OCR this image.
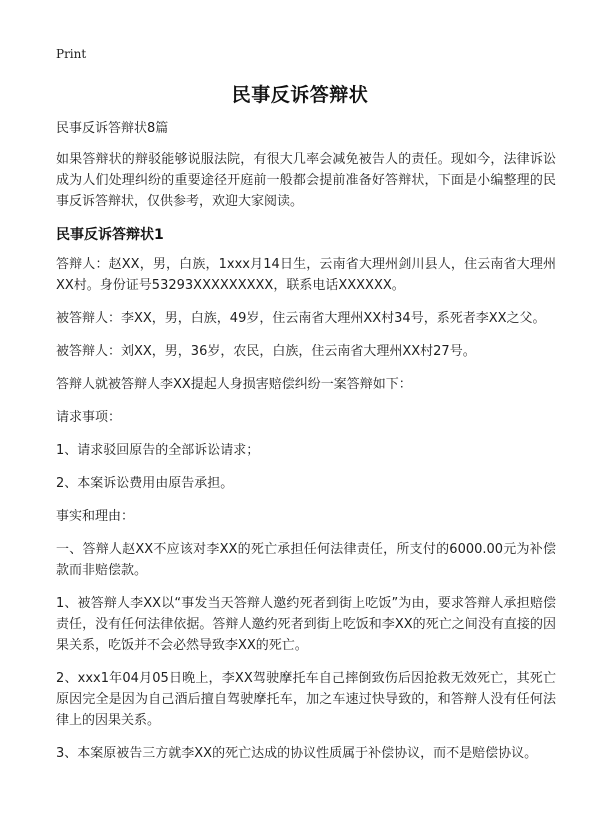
Print
民事反诉答辩状
民事反诉答辩状8篇
如果答辩状的辩驳能够说服法院，有很大几率会减免被告人的责任。现如今，法律诉讼成为人们处理纠纷的重要途径开庭前一般都会提前准备好答辩状，下面是小编整理的民事反诉答辩状，仅供参考，欢迎大家阅读。
民事反诉答辩状1
答辩人：赵XX，男，白族，1xxx月14日生，云南省大理州剑川县人，住云南省大理州XX村。身份证号53293XXXXXXXXX，联系电话XXXXXX。
被答辩人：李XX，男，白族，49岁，住云南省大理州XX村34号，系死者李XX之父。
被答辩人：刘XX，男，36岁，农民，白族，住云南省大理州XX村27号。
答辩人就被答辩人李XX提起人身损害赔偿纠纷一案答辩如下：
请求事项：
1、请求驳回原告的全部诉讼请求；
2、本案诉讼费用由原告承担。
事实和理由：
一、答辩人赵XX不应该对李XX的死亡承担任何法律责任，所支付的6000.00元为补偿款而非赔偿款。
1、被答辩人李XX以“事发当天答辩人邀约死者到街上吃饭”为由，要求答辩人承担赔偿责任，没有任何法律依据。答辩人邀约死者到街上吃饭和李XX的死亡之间没有直接的因果关系，吃饭并不会必然导致李XX的死亡。
2、xxx1年04月05日晚上，李XX驾驶摩托车自己摔倒致伤后因抢救无效死亡，其死亡原因完全是因为自己酒后擅自驾驶摩托车，加之车速过快导致的，和答辩人没有任何法律上的因果关系。
3、本案原被告三方就李XX的死亡达成的协议性质属于补偿协议，而不是赔偿协议。
